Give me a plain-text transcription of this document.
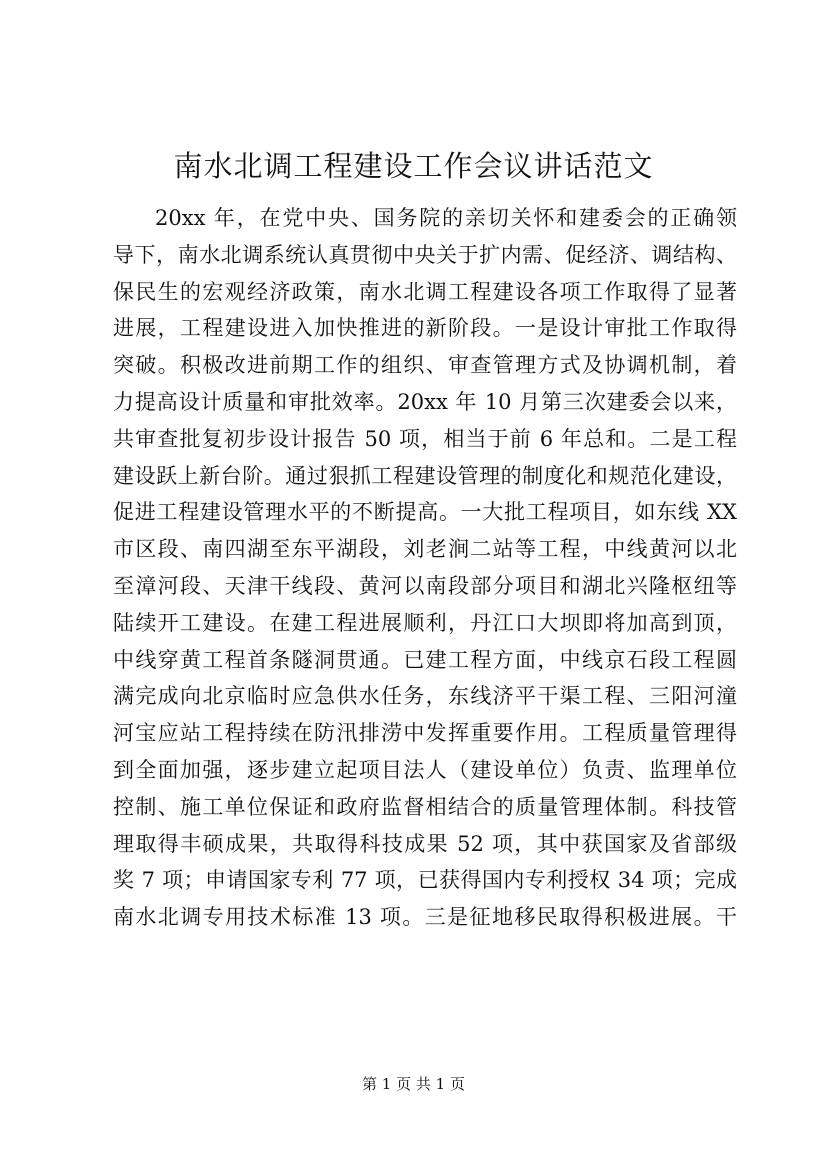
南水北调工程建设工作会议讲话范文
20xx 年，在党中央、国务院的亲切关怀和建委会的正确领
导下，南水北调系统认真贯彻中央关于扩内需、促经济、调结构、
保民生的宏观经济政策，南水北调工程建设各项工作取得了显著
进展，工程建设进入加快推进的新阶段。一是设计审批工作取得
突破。积极改进前期工作的组织、审查管理方式及协调机制，着
力提高设计质量和审批效率。20xx 年 10 月第三次建委会以来，
共审查批复初步设计报告 50 项，相当于前 6 年总和。二是工程
建设跃上新台阶。通过狠抓工程建设管理的制度化和规范化建设，
促进工程建设管理水平的不断提高。一大批工程项目，如东线 XX
市区段、南四湖至东平湖段，刘老涧二站等工程，中线黄河以北
至漳河段、天津干线段、黄河以南段部分项目和湖北兴隆枢纽等
陆续开工建设。在建工程进展顺利，丹江口大坝即将加高到顶，
中线穿黄工程首条隧洞贯通。已建工程方面，中线京石段工程圆
满完成向北京临时应急供水任务，东线济平干渠工程、三阳河潼
河宝应站工程持续在防汛排涝中发挥重要作用。工程质量管理得
到全面加强，逐步建立起项目法人（建设单位）负责、监理单位
控制、施工单位保证和政府监督相结合的质量管理体制。科技管
理取得丰硕成果，共取得科技成果 52 项，其中获国家及省部级
奖 7 项；申请国家专利 77 项，已获得国内专利授权 34 项；完成
南水北调专用技术标准 13 项。三是征地移民取得积极进展。干
第 1 页 共 1 页
